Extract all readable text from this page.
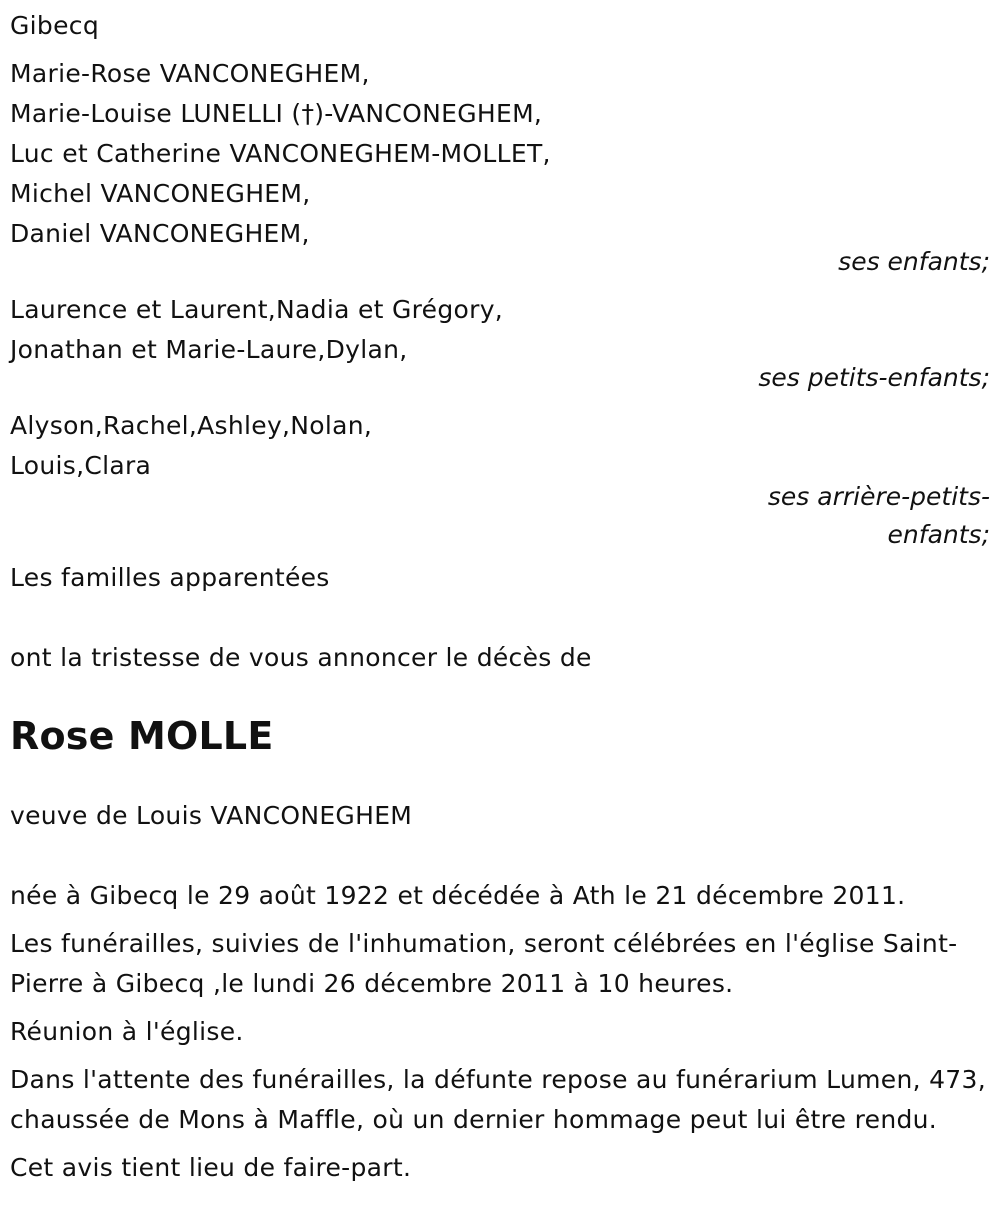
Gibecq
Marie-Rose VANCONEGHEM,
Marie-Louise LUNELLI (†)-VANCONEGHEM,
Luc et Catherine VANCONEGHEM-MOLLET,
Michel VANCONEGHEM,
Daniel VANCONEGHEM,
ses enfants;
Laurence et Laurent,Nadia et Grégory,
Jonathan et Marie-Laure,Dylan,
ses petits-enfants;
Alyson,Rachel,Ashley,Nolan,
Louis,Clara
ses arrière-petits-
enfants;
Les familles apparentées
ont la tristesse de vous annoncer le décès de
Rose MOLLE
veuve de Louis VANCONEGHEM
née à Gibecq le 29 août 1922 et décédée à Ath le 21 décembre 2011.
Les funérailles, suivies de l'inhumation, seront célébrées en l'église Saint-Pierre à Gibecq ,le lundi 26 décembre 2011 à 10 heures.
Réunion à l'église.
Dans l'attente des funérailles, la défunte repose au funérarium Lumen, 473, chaussée de Mons à Maffle, où un dernier hommage peut lui être rendu.
Cet avis tient lieu de faire-part.
